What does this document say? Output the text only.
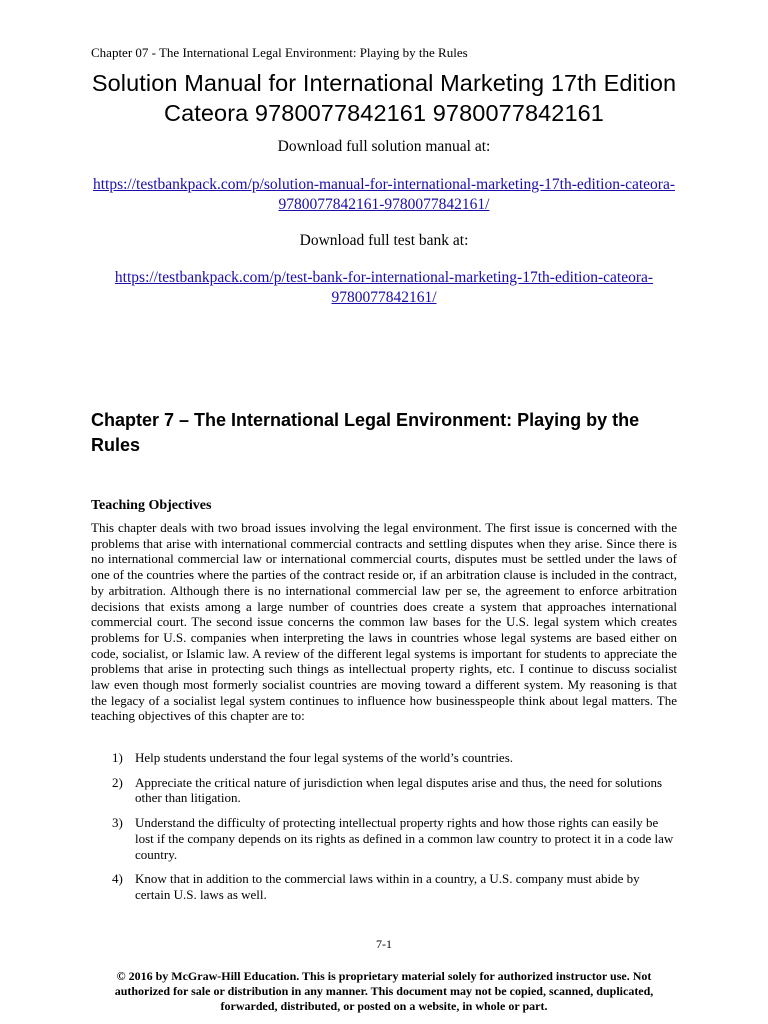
Chapter 07 - The International Legal Environment: Playing by the Rules
Solution Manual for International Marketing 17th Edition Cateora 9780077842161 9780077842161
Download full solution manual at:
https://testbankpack.com/p/solution-manual-for-international-marketing-17th-edition-cateora-9780077842161-9780077842161/
Download full test bank at:
https://testbankpack.com/p/test-bank-for-international-marketing-17th-edition-cateora-9780077842161/
Chapter 7 – The International Legal Environment: Playing by the Rules
Teaching Objectives

This chapter deals with two broad issues involving the legal environment. The first issue is concerned with the problems that arise with international commercial contracts and settling disputes when they arise. Since there is no international commercial law or international commercial courts, disputes must be settled under the laws of one of the countries where the parties of the contract reside or, if an arbitration clause is included in the contract, by arbitration. Although there is no international commercial law per se, the agreement to enforce arbitration decisions that exists among a large number of countries does create a system that approaches international commercial court. The second issue concerns the common law bases for the U.S. legal system which creates problems for U.S. companies when interpreting the laws in countries whose legal systems are based either on code, socialist, or Islamic law. A review of the different legal systems is important for students to appreciate the problems that arise in protecting such things as intellectual property rights, etc. I continue to discuss socialist law even though most formerly socialist countries are moving toward a different system. My reasoning is that the legacy of a socialist legal system continues to influence how businesspeople think about legal matters. The teaching objectives of this chapter are to:

1) Help students understand the four legal systems of the world’s countries.
2) Appreciate the critical nature of jurisdiction when legal disputes arise and thus, the need for solutions other than litigation.
3) Understand the difficulty of protecting intellectual property rights and how those rights can easily be lost if the company depends on its rights as defined in a common law country to protect it in a code law country.
4) Know that in addition to the commercial laws within in a country, a U.S. company must abide by certain U.S. laws as well.
7-1
© 2016 by McGraw-Hill Education. This is proprietary material solely for authorized instructor use. Not authorized for sale or distribution in any manner. This document may not be copied, scanned, duplicated, forwarded, distributed, or posted on a website, in whole or part.
